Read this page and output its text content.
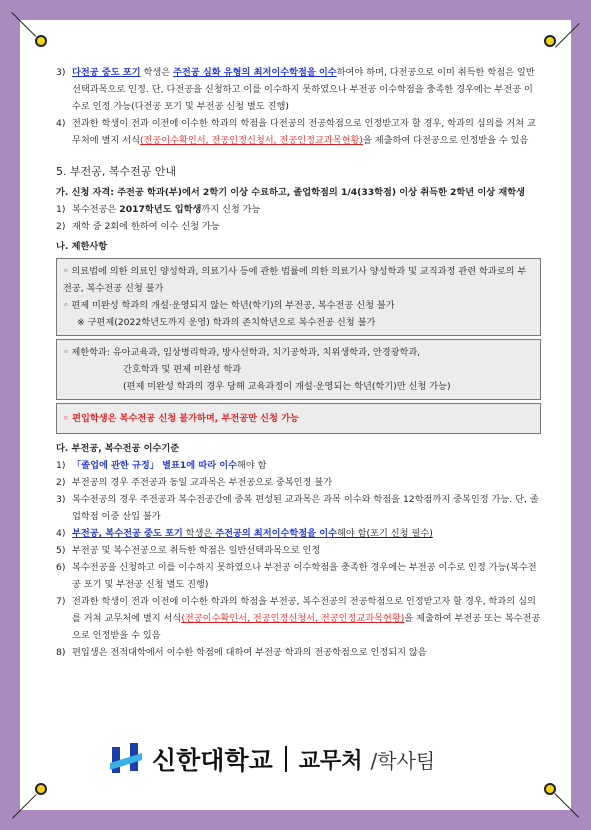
3) 다전공 중도 포기 학생은 주전공 심화 유형의 최저이수학점을 이수하여야 하며, 다전공으로 이미 취득한 학점은 일반선택과목으로 인정. 단, 다전공을 신청하고 이를 이수하지 못하였으나 부전공 이수학점을 충족한 경우에는 부전공 이수로 인정 가능(다전공 포기 및 부전공 신청 별도 진행)
4) 전과한 학생이 전과 이전에 이수한 학과의 학점을 다전공의 전공학점으로 인정받고자 할 경우, 학과의 심의를 거쳐 교무처에 별지 서식(전공이수확인서, 전공인정신청서, 전공인정교과목현황)을 제출하여 다전공으로 인정받을 수 있음
5. 부전공, 복수전공 안내
가. 신청 자격: 주전공 학과(부)에서 2학기 이상 수료하고, 졸업학점의 1/4(33학점) 이상 취득한 2학년 이상 재학생
1) 복수전공은 2017학년도 입학생까지 신청 가능
2) 재학 중 2회에 한하여 이수 신청 가능
나. 제한사항
◦ 의료법에 의한 의료인 양성학과, 의료기사 등에 관한 법률에 의한 의료기사 양성학과 및 교직과정 관련 학과로의 부전공, 복수전공 신청 불가
◦ 편제 미완성 학과의 개설·운영되지 않는 학년(학기)의 부전공, 복수전공 신청 불가
※ 구편제(2022학년도까지 운영) 학과의 존치학년으로 복수전공 신청 불가
◦ 제한학과: 유아교육과, 임상병리학과, 방사선학과, 치기공학과, 치위생학과, 안경광학과,
간호학과 및 편제 미완성 학과
(편제 미완성 학과의 경우 당해 교육과정이 개설·운영되는 학년(학기)만 신청 가능)
◦ 편입학생은 복수전공 신청 불가하며, 부전공만 신청 가능
다. 부전공, 복수전공 이수기준
1) 「졸업에 관한 규정」 별표1에 따라 이수해야 함
2) 부전공의 경우 주전공과 동일 교과목은 부전공으로 중복인정 불가
3) 복수전공의 경우 주전공과 복수전공간에 중복 편성된 교과목은 과목 이수와 학점을 12학점까지 중복인정 가능. 단, 졸업학점 이중 산입 불가
4) 부전공, 복수전공 중도 포기 학생은 주전공의 최저이수학점을 이수해야 함(포기 신청 필수)
5) 부전공 및 복수전공으로 취득한 학점은 일반선택과목으로 인정
6) 복수전공을 신청하고 이를 이수하지 못하였으나 부전공 이수학점을 충족한 경우에는 부전공 이수로 인정 가능(복수전공 포기 및 부전공 신청 별도 진행)
7) 전과한 학생이 전과 이전에 이수한 학과의 학점을 부전공, 복수전공의 전공학점으로 인정받고자 할 경우, 학과의 심의를 거쳐 교무처에 별지 서식(전공이수확인서, 전공인정신청서, 전공인정교과목현황)을 제출하여 부전공 또는 복수전공으로 인정받을 수 있음
8) 편입생은 전적대학에서 이수한 학점에 대하여 부전공 학과의 전공학점으로 인정되지 않음
신한대학교 교무처 /학사팀
